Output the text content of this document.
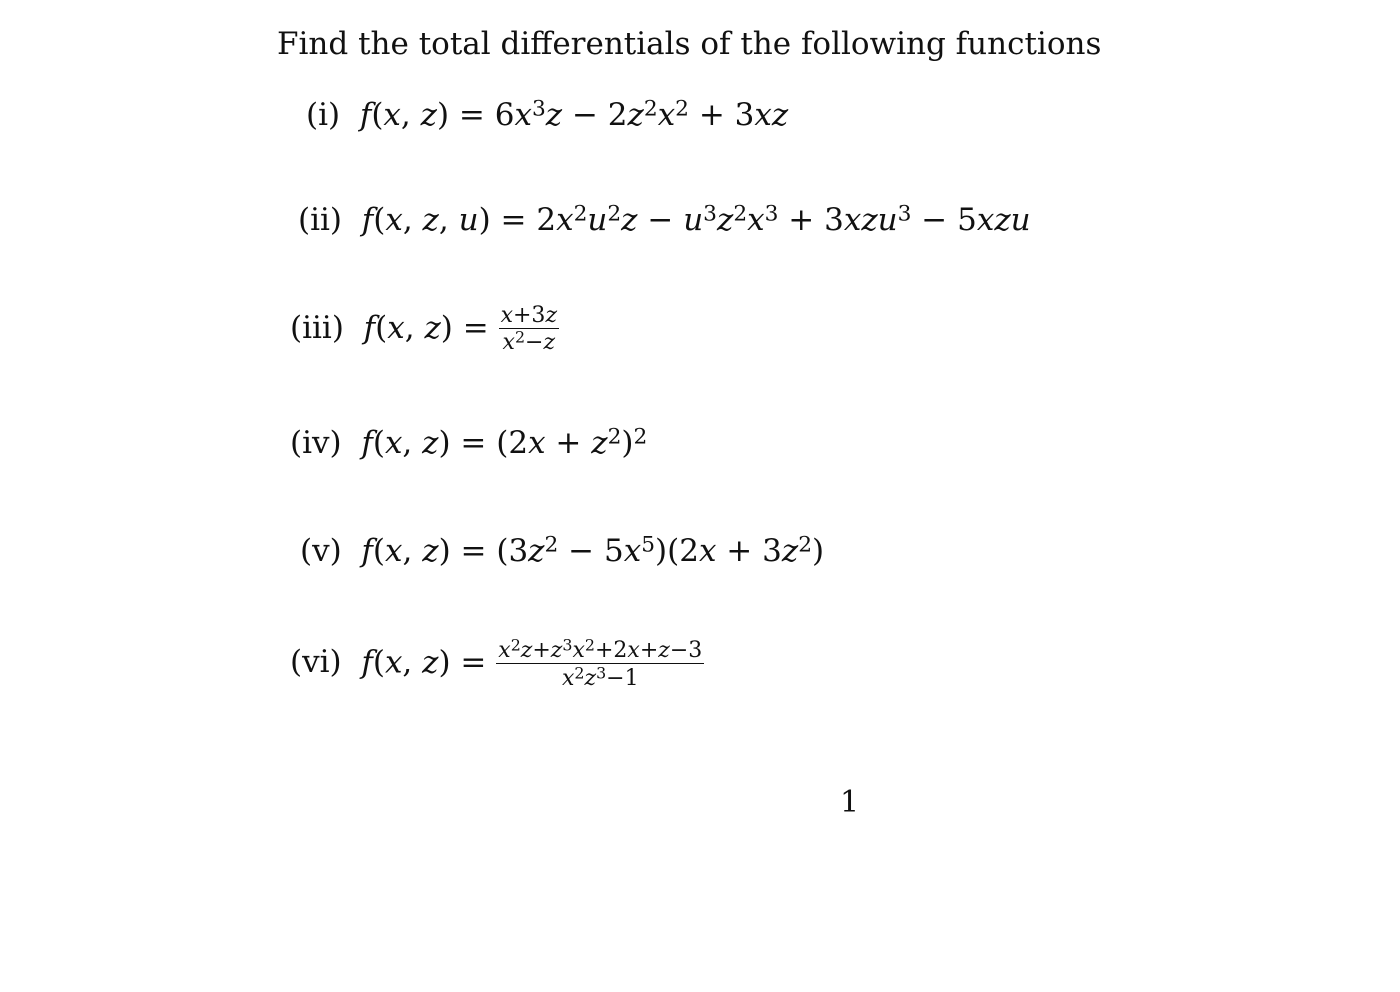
Find the total differentials of the following functions
(i) f(x, $z) = 6x^3z - 2z^2x^2 + 3xz$
(ii) f(x, z, $u) = 2x^2u^2z - u^3z^2x^3 + 3xzu^3 - 5xzu$
(iii) f(x, $z) = \frac{x+3z}{x^2-z}$
(iv) f(x, $z) = (2x + z^2)^2$
(v) f(x, $z) = (3z^2 - 5x^5)(2x + 3z^2)$
(vi) f(x, $z) = \frac{x^2z+z^3x^2+2x+z-3}{x^2z^3-1}$
1
